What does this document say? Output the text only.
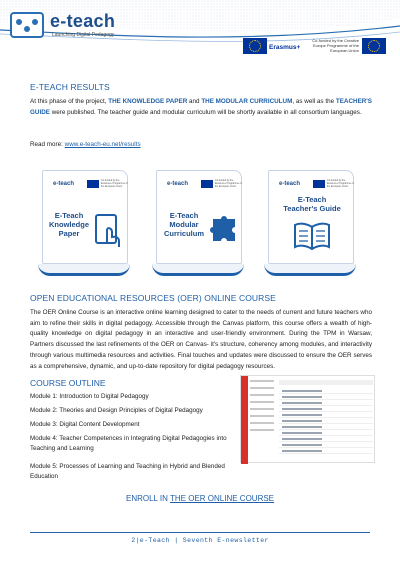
e-teach
Launching Digital Pedagogy
Erasmus+
Co-funded by the Creative Europe Programme of the European Union
E-TEACH RESULTS
At this phase of the project, THE KNOWLEDGE PAPER and THE MODULAR CURRICULUM, as well as the TEACHER'S GUIDE were published. The teacher guide and modular curriculum will be shortly available in all consortium languages.
Read more: www.e-teach-eu.net/results
e-teach
Co-funded by the Erasmus+ Programme of the European Union
E-Teach
Knowledge
Paper
e-teach
Co-funded by the Erasmus+ Programme of the European Union
E-Teach
Modular
Curriculum
e-teach
Co-funded by the Erasmus+ Programme of the European Union
E-Teach
Teacher's Guide
OPEN EDUCATIONAL RESOURCES (OER) ONLINE COURSE
The OER Online Course is an interactive online learning designed to cater to the needs of current and future teachers who aim to refine their skills in digital pedagogy. Accessible through the Canvas platform, this course offers a wealth of high-quality knowledge on digital pedagogy in an interactive and user-friendly environment. During the TPM in Warsaw, Partners discussed the last refinements of the OER on Canvas- it's structure, coherency among modules, and interactivity through various multimedia resources and activities. Final touches and updates were discussed to ensure the OER serves as a comprehensive, dynamic, and up-to-date repository for digital pedagogy resources.
COURSE OUTLINE
Module 1: Introduction to Digital Pedagogy
Module 2: Theories and Design Principles of Digital Pedagogy
Module 3: Digital Content Development
Module 4: Teacher Competences in Integrating Digital Pedagogies into Teaching and Learning
Module 5: Processes of Learning and Teaching in Hybrid and Blended Education
ENROLL IN THE OER ONLINE COURSE
2|e-Teach | Seventh E-newsletter
